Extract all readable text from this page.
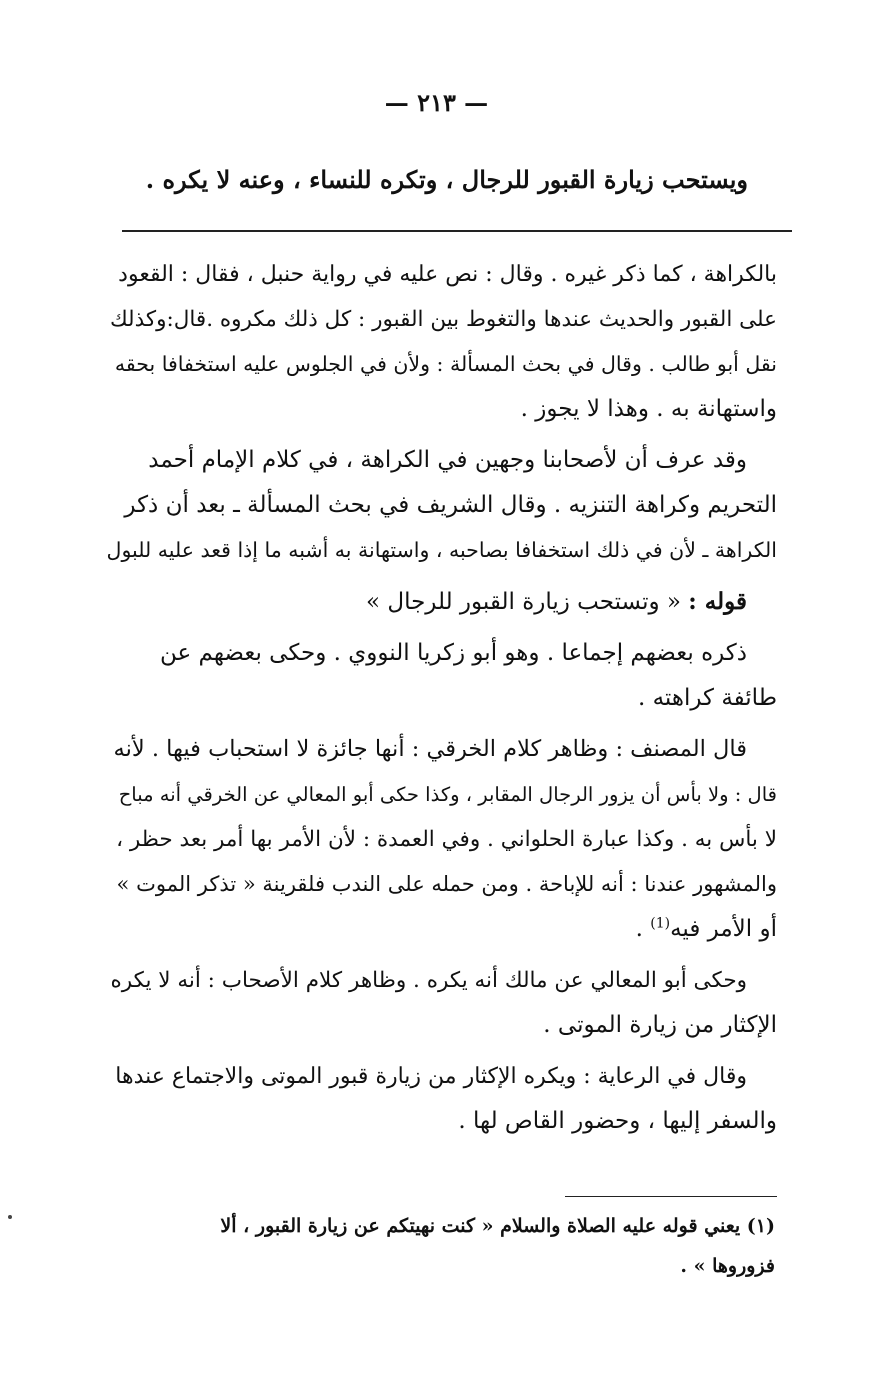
— ٢١٣ —
ويستحب زيارة القبور للرجال ، وتكره للنساء ، وعنه لا يكره .
بالكراهة ، كما ذكر غيره . وقال : نص عليه في رواية حنبل ، فقال : القعود
على القبور والحديث عندها والتغوط بين القبور : كل ذلك مكروه .قال:وكذلك
نقل أبو طالب . وقال في بحث المسألة : ولأن في الجلوس عليه استخفافا بحقه
واستهانة به . وهذا لا يجوز .
وقد عرف أن لأصحابنا وجهين في الكراهة ، في كلام الإمام أحمد
التحريم وكراهة التنزيه . وقال الشريف في بحث المسألة ـ بعد أن ذكر
الكراهة ـ لأن في ذلك استخفافا بصاحبه ، واستهانة به أشبه ما إذا قعد عليه للبول
قوله : « وتستحب زيارة القبور للرجال »
ذكره بعضهم إجماعا . وهو أبو زكريا النووي . وحكى بعضهم عن
طائفة كراهته .
قال المصنف : وظاهر كلام الخرقي : أنها جائزة لا استحباب فيها . لأنه
قال : ولا بأس أن يزور الرجال المقابر ، وكذا حكى أبو المعالي عن الخرقي أنه مباح
لا بأس به . وكذا عبارة الحلواني . وفي العمدة : لأن الأمر بها أمر بعد حظر ،
والمشهور عندنا : أنه للإباحة . ومن حمله على الندب فلقرينة « تذكر الموت »
أو الأمر فيه$^{(1)}$ .
وحكى أبو المعالي عن مالك أنه يكره . وظاهر كلام الأصحاب : أنه لا يكره
الإكثار من زيارة الموتى .
وقال في الرعاية : ويكره الإكثار من زيارة قبور الموتى والاجتماع عندها
والسفر إليها ، وحضور القاص لها .
(١) يعني قوله عليه الصلاة والسلام « كنت نهيتكم عن زيارة القبور ، ألا
فزوروها » .
